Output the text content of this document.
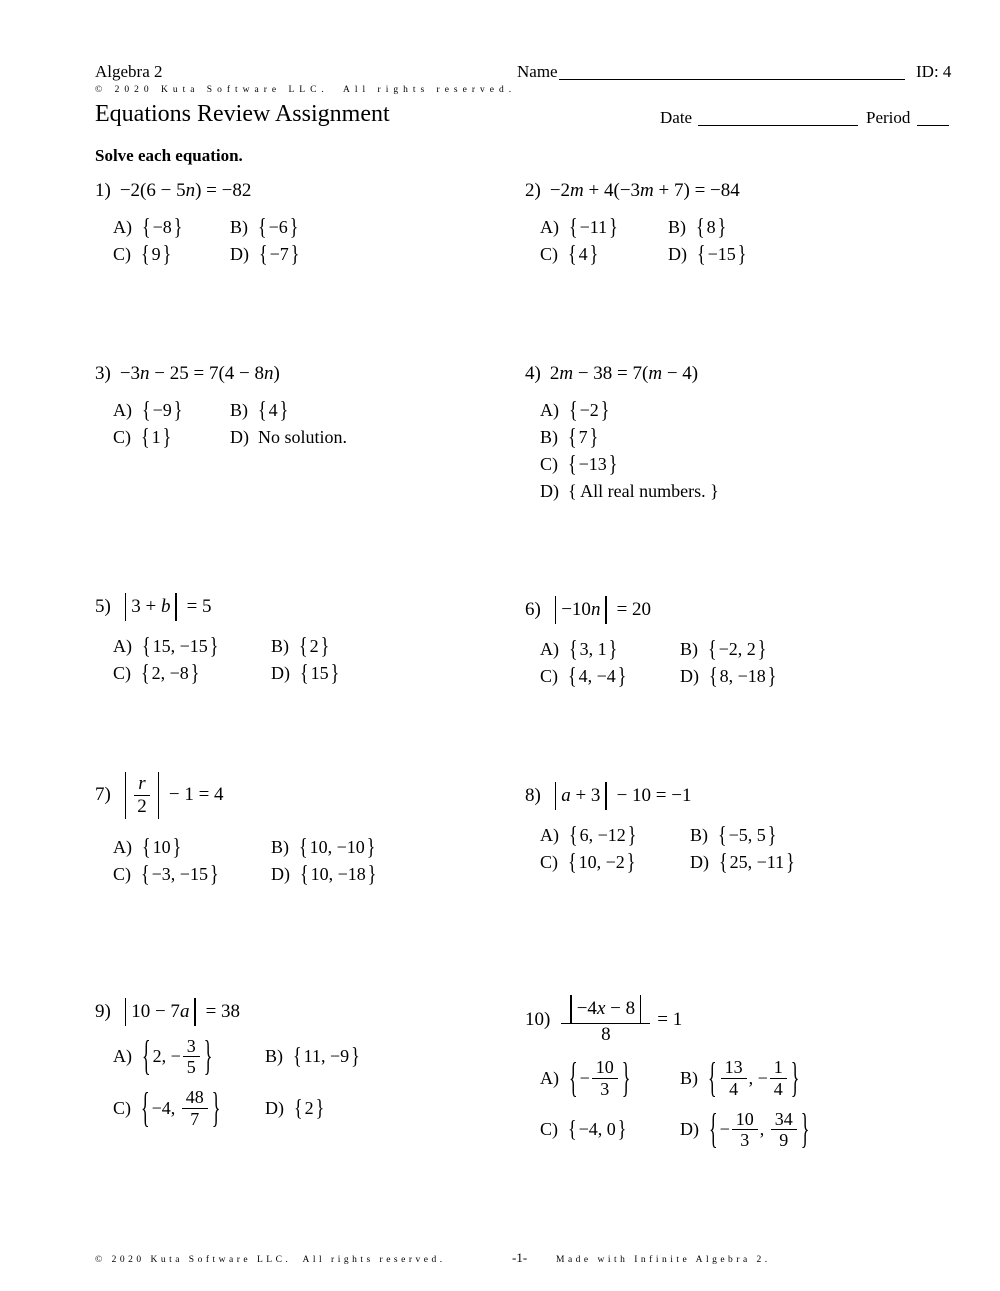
Algebra 2
© 2020 Kuta Software LLC.  All rights reserved.
Name	ID: 4
Equations Review Assignment	Date	Period
Solve each equation.
1) −2(6 − 5 n ) = −82
A) { −8 }	B) { −6 }
C) { 9 }	D) { −7 }
2) −2 m + 4(−3 m + 7) = −84
A) { −11 }	B) { 8 }
C) { 4 }	D) { −15 }
3) −3 n − 25 = 7(4 − 8 n )
A) { −9 }	B) { 4 }
C) { 1 }	D) No solution.
4) 2 m − 38 = 7( m − 4)
A) { −2 }
B) { 7 }
C) { −13 }
D) { All real numbers. }
5) 3 + b = 5
A) { 15, −15 }	B) { 2 }
C) { 2, −8 }	D) { 15 }
6) −10 n = 20
A) { 3, 1 }	B) { −2, 2 }
C) { 4, −4 }	D) { 8, −18 }
$7) \frac{r}{2} - 1 = 4$
A) { 10 }	B) { 10, −10 }
C) { −3, −15 }	D) { 10, −18 }
8) a + 3 − 10 = −1
A) { 6, −12 }	B) { −5, 5 }
C) { 10, −2 }	D) { 25, −11 }
9) 10 − 7 a = 38
A) { 2, − $\frac{3}{5}$ }	B) { 11, −9 }
C) { −4, $\frac{48}{7}$ } D) { 2 }
$10) \frac{-4 x - 8}{8} = 1$
A) { − $\frac{10}{3}$ }	B) { $\frac{13}{4}$ , − $\frac{1}{4}$ }
C) { −4, 0 }	D) { − $\frac{10}{3}$ , $\frac{34}{9}$ }
© 2020 Kuta Software LLC.  All rights reserved.	-1-	Made with Infinite Algebra 2.
